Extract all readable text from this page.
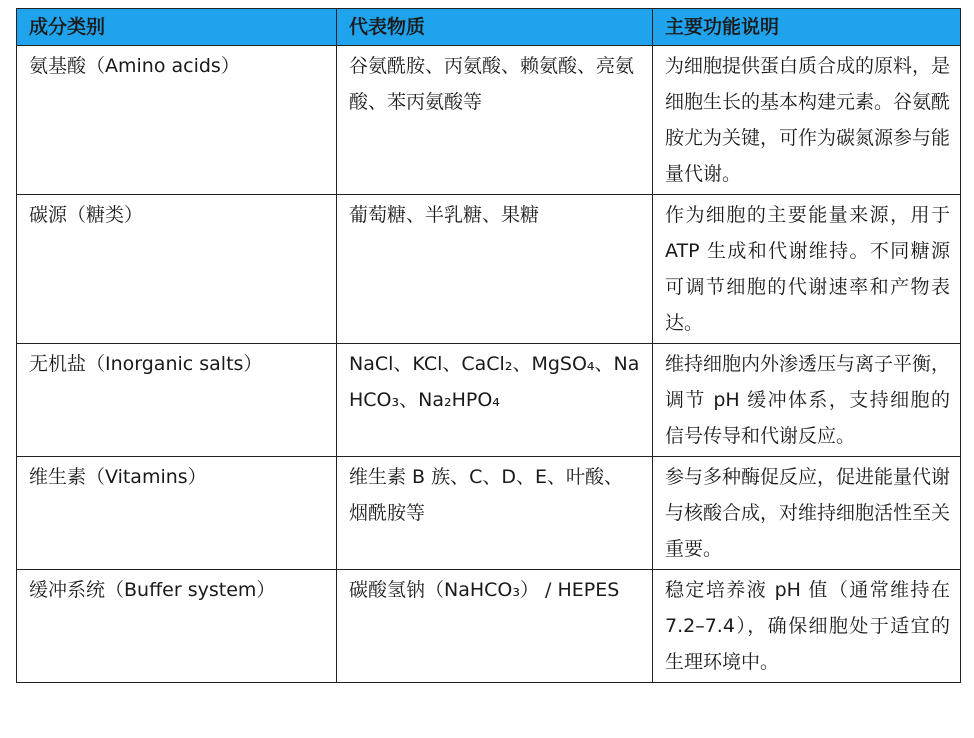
成分类别	代表物质	主要功能说明
氨基酸（Amino acids）	谷氨酰胺、丙氨酸、赖氨酸、亮氨酸、苯丙氨酸等	为细胞提供蛋白质合成的原料，是细胞生长的基本构建元素。谷氨酰胺尤为关键，可作为碳氮源参与能量代谢。
碳源（糖类）	葡萄糖、半乳糖、果糖	作为细胞的主要能量来源，用于 ATP 生成和代谢维持。不同糖源可调节细胞的代谢速率和产物表达。
无机盐（Inorganic salts）	NaCl、KCl、CaCl₂、MgSO₄、NaHCO₃、Na₂HPO₄	维持细胞内外渗透压与离子平衡，调节 pH 缓冲体系，支持细胞的信号传导和代谢反应。
维生素（Vitamins）	维生素 B 族、C、D、E、叶酸、烟酰胺等	参与多种酶促反应，促进能量代谢与核酸合成，对维持细胞活性至关重要。
缓冲系统（Buffer system）	碳酸氢钠（NaHCO₃） / HEPES	稳定培养液 pH 值（通常维持在 7.2–7.4），确保细胞处于适宜的生理环境中。
